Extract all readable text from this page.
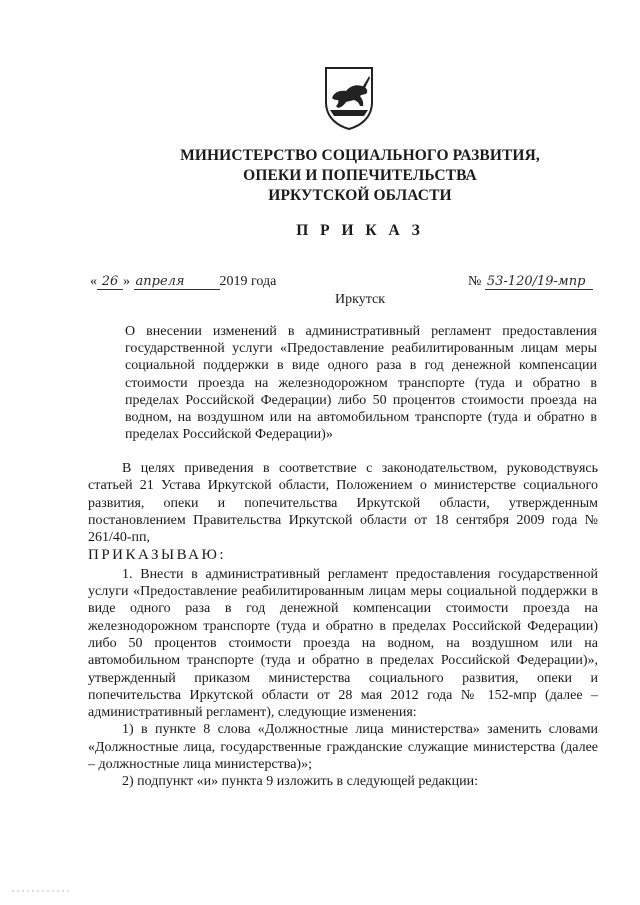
МИНИСТЕРСТВО СОЦИАЛЬНОГО РАЗВИТИЯ,
ОПЕКИ И ПОПЕЧИТЕЛЬСТВА
ИРКУТСКОЙ ОБЛАСТИ
П Р И К А З
« 26 » апреля 2019 года	№ 53-120/19-мпр
Иркутск
О внесении изменений в административный регламент предоставления государственной услуги «Предоставление реабилитированным лицам меры социальной поддержки в виде одного раза в год денежной компенсации стоимости проезда на железнодорожном транспорте (туда и обратно в пределах Российской Федерации) либо 50 процентов стоимости проезда на водном, на воздушном или на автомобильном транспорте (туда и обратно в пределах Российской Федерации)»

В целях приведения в соответствие с законодательством, руководствуясь статьей 21 Устава Иркутской области, Положением о министерстве социального развития, опеки и попечительства Иркутской области, утвержденным постановлением Правительства Иркутской области от 18 сентября 2009 года № 261/40-пп,

ПРИКАЗЫВАЮ:

1. Внести в административный регламент предоставления государственной услуги «Предоставление реабилитированным лицам меры социальной поддержки в виде одного раза в год денежной компенсации стоимости проезда на железнодорожном транспорте (туда и обратно в пределах Российской Федерации) либо 50 процентов стоимости проезда на водном, на воздушном или на автомобильном транспорте (туда и обратно в пределах Российской Федерации)», утвержденный приказом министерства социального развития, опеки и попечительства Иркутской области от 28 мая 2012 года № 152-мпр (далее – административный регламент), следующие изменения:

1) в пункте 8 слова «Должностные лица министерства» заменить словами «Должностные лица, государственные гражданские служащие министерства (далее – должностные лица министерства)»;

2) подпункт «и» пункта 9 изложить в следующей редакции:
